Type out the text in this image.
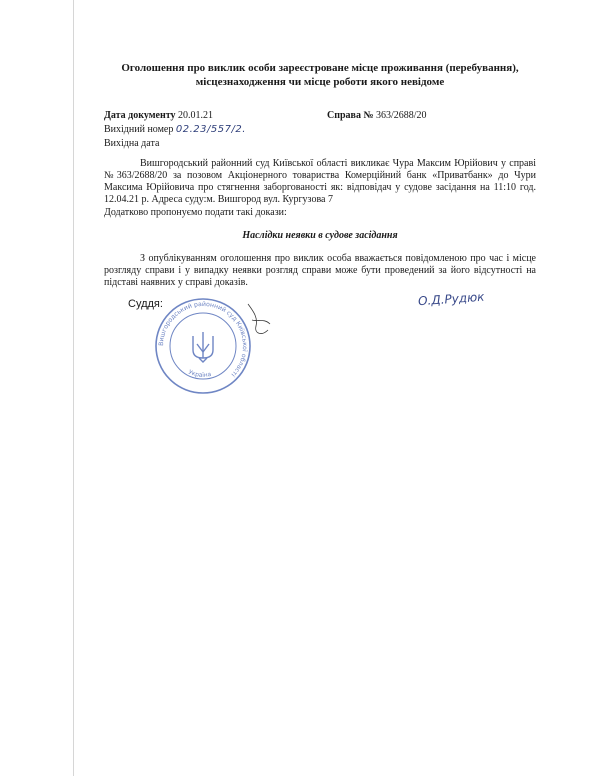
Оголошення про виклик особи зареєстроване місце проживання (перебування),
місцезнаходження чи місце роботи якого невідоме
Дата документу 20.01.21	Справа № 363/2688/20
Вихідний номер 02.23/557/2.
Вихідна дата
Вишгородський районний суд Київської області викликає Чура Максим Юрійович у справі №363/2688/20 за позовом Акціонерного товариства Комерційний банк «Приватбанк» до Чури Максима Юрійовича про стягнення заборгованості як: відповідач у судове засідання на 11:10 год. 12.04.21 р. Адреса суду:м. Вишгород вул. Кургузова 7
Додатково пропонуємо подати такі докази:
Наслідки неявки в судове засідання
З опублікуванням оголошення про виклик особа вважається повідомленою про час і місце розгляду справи і у випадку неявки розгляд справи може бути проведений за його відсутності на підставі наявних у справі доказів.
Суддя:
Вишгородський районний суд Київської області
Україна
О.Д.Рудюк
